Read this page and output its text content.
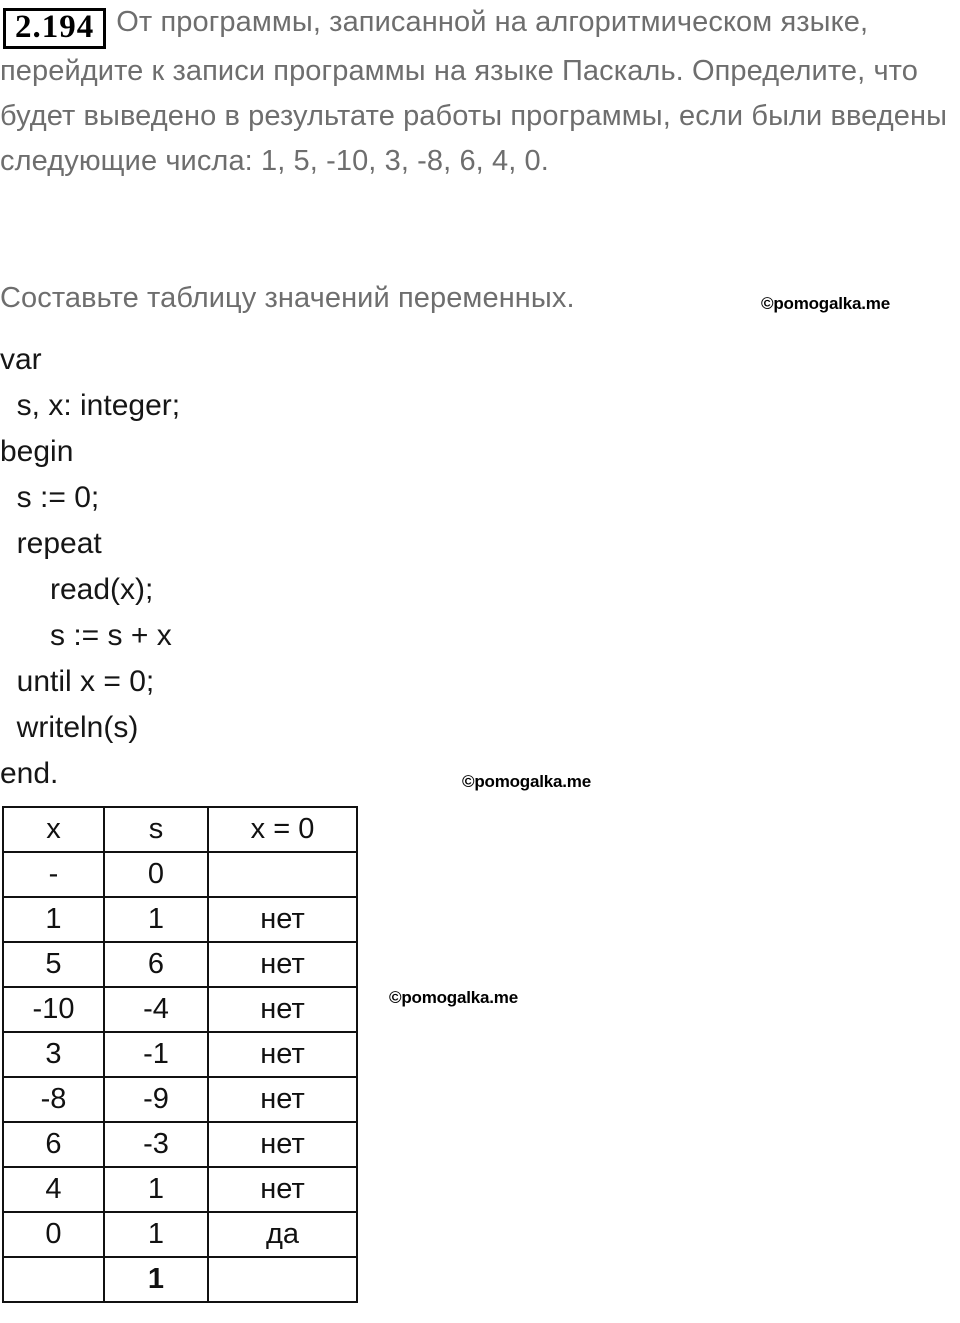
2.194 От программы, записанной на алгоритмическом языке, перейдите к записи программы на языке Паскаль. Определите, что будет выведено в результате работы программы, если были введены следующие числа: 1, 5, -10, 3, -8, 6, 4, 0.
Составьте таблицу значений переменных.
var
s, x: integer;
begin
s := 0;
repeat
read(x);
s := s + x
until x = 0;
writeln(s)
end.
x	s	x = 0
-	0	
1	1	нет
5	6	нет
-10	-4	нет
3	-1	нет
-8	-9	нет
6	-3	нет
4	1	нет
0	1	да
	1	
©pomogalka.me
©pomogalka.me
©pomogalka.me
